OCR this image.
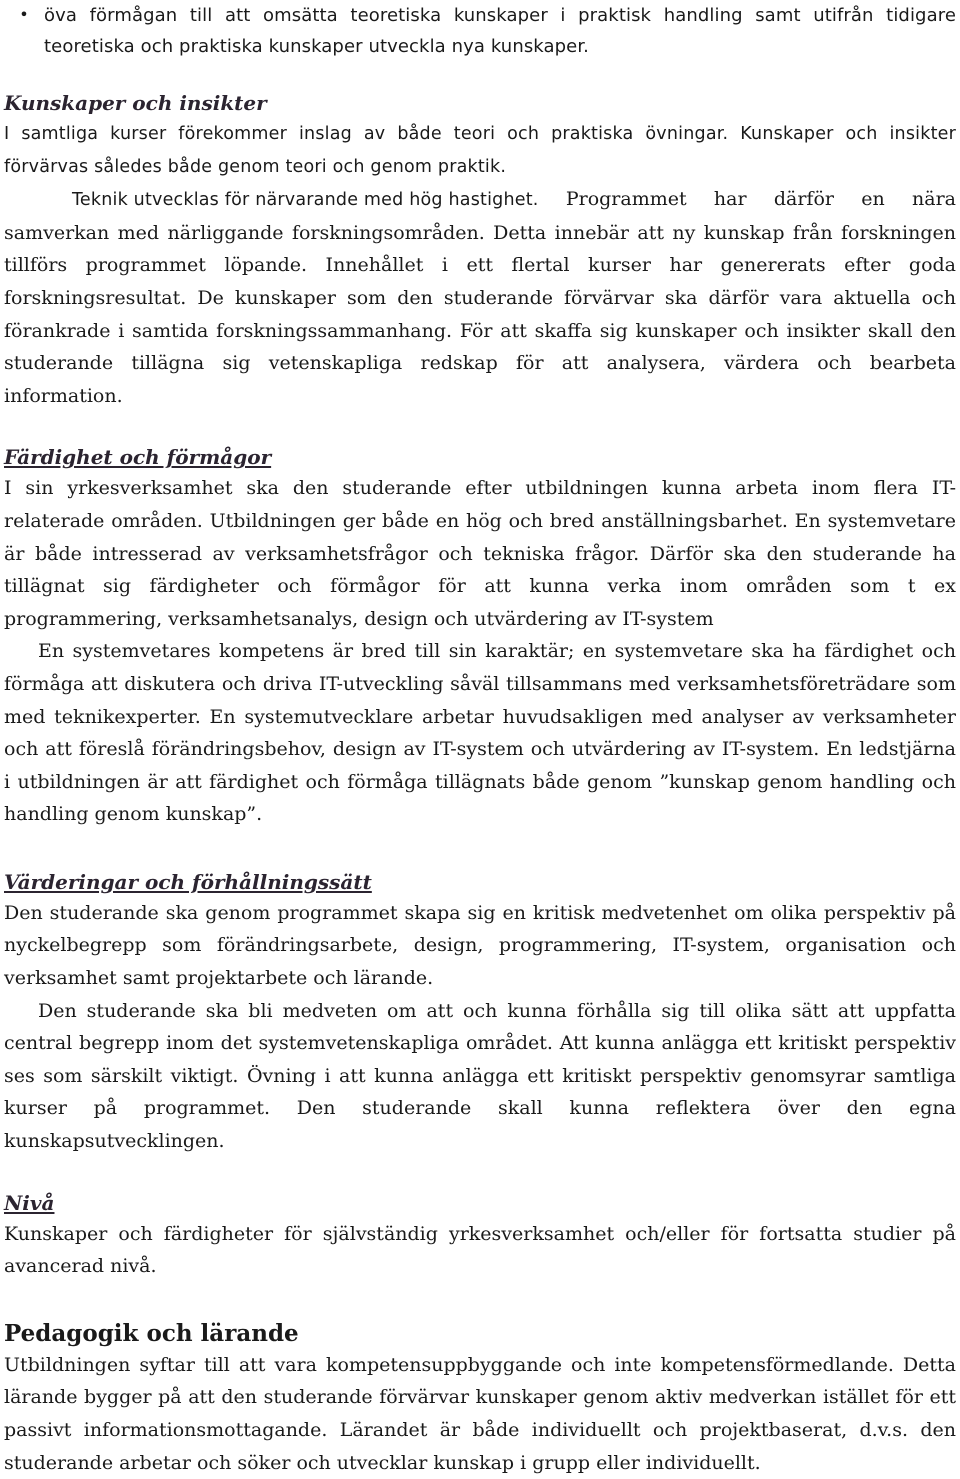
• öva förmågan till att omsätta teoretiska kunskaper i praktisk handling samt utifrån tidigare teoretiska och praktiska kunskaper utveckla nya kunskaper.
Kunskaper och insikter

I samtliga kurser förekommer inslag av både teori och praktiska övningar. Kunskaper och insikter förvärvas således både genom teori och genom praktik.

Teknik utvecklas för närvarande med hög hastighet. Programmet har därför en nära samverkan med närliggande forskningsområden. Detta innebär att ny kunskap från forskningen tillförs programmet löpande. Innehållet i ett flertal kurser har genererats efter goda forskningsresultat. De kunskaper som den studerande förvärvar ska därför vara aktuella och förankrade i samtida forskningssammanhang. För att skaffa sig kunskaper och insikter skall den studerande tillägna sig vetenskapliga redskap för att analysera, värdera och bearbeta information.

Färdighet och förmågor

I sin yrkesverksamhet ska den studerande efter utbildningen kunna arbeta inom flera IT-relaterade områden. Utbildningen ger både en hög och bred anställningsbarhet. En systemvetare är både intresserad av verksamhetsfrågor och tekniska frågor. Därför ska den studerande ha tillägnat sig färdigheter och förmågor för att kunna verka inom områden som t ex programmering, verksamhetsanalys, design och utvärdering av IT-system

En systemvetares kompetens är bred till sin karaktär; en systemvetare ska ha färdighet och förmåga att diskutera och driva IT-utveckling såväl tillsammans med verksamhetsföreträdare som med teknikexperter. En systemutvecklare arbetar huvudsakligen med analyser av verksamheter och att föreslå förändringsbehov, design av IT-system och utvärdering av IT-system. En ledstjärna i utbildningen är att färdighet och förmåga tillägnats både genom ”kunskap genom handling och handling genom kunskap”.

Värderingar och förhållningssätt

Den studerande ska genom programmet skapa sig en kritisk medvetenhet om olika perspektiv på nyckelbegrepp som förändringsarbete, design, programmering, IT-system, organisation och verksamhet samt projektarbete och lärande.

Den studerande ska bli medveten om att och kunna förhålla sig till olika sätt att uppfatta central begrepp inom det systemvetenskapliga området. Att kunna anlägga ett kritiskt perspektiv ses som särskilt viktigt. Övning i att kunna anlägga ett kritiskt perspektiv genomsyrar samtliga kurser på programmet. Den studerande skall kunna reflektera över den egna kunskapsutvecklingen.

Nivå

Kunskaper och färdigheter för självständig yrkesverksamhet och/eller för fortsatta studier på avancerad nivå.

Pedagogik och lärande

Utbildningen syftar till att vara kompetensuppbyggande och inte kompetensförmedlande. Detta lärande bygger på att den studerande förvärvar kunskaper genom aktiv medverkan istället för ett passivt informationsmottagande. Lärandet är både individuellt och projektbaserat, d.v.s. den studerande arbetar och söker och utvecklar kunskap i grupp eller individuellt.
